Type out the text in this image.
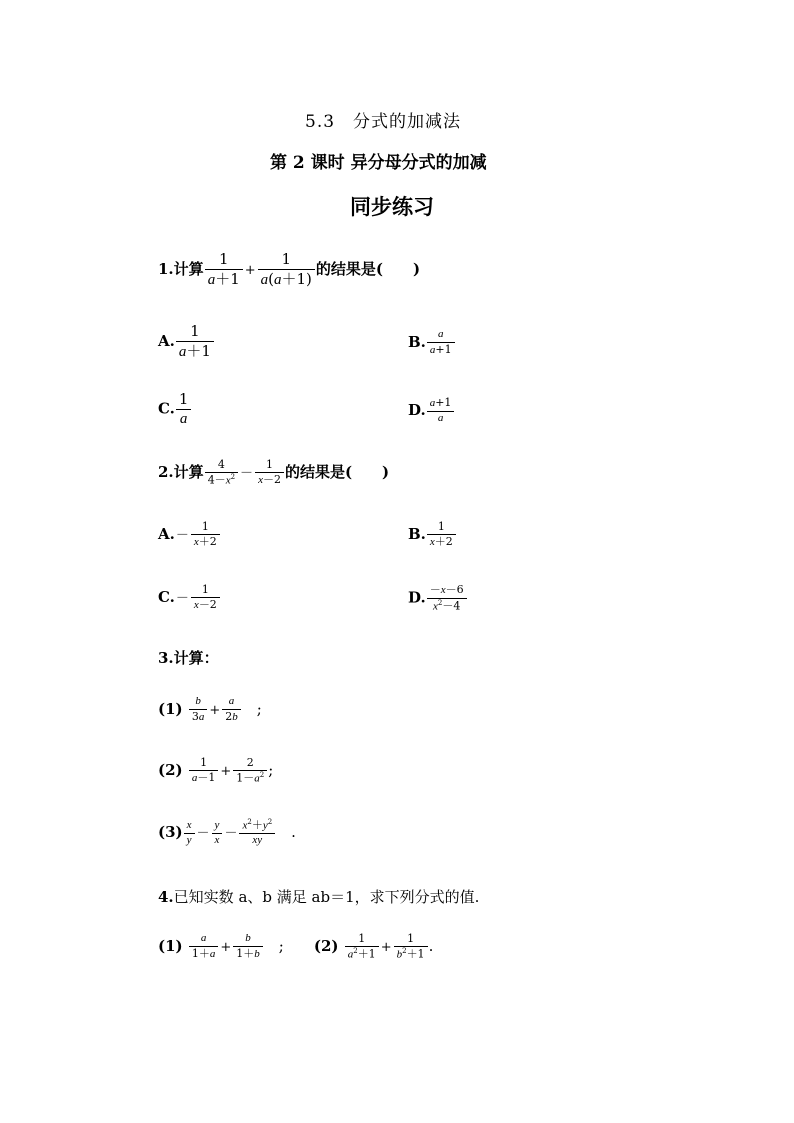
5.3　分式的加减法
第 2 课时 异分母分式的加减
同步练习
1.计算 $\frac{1}{a+1} + \frac{1}{a(a+1)}$ 的结果是(　　)
A. $\frac{1}{a+1}$	B. $\frac{a}{a+1}$
C. $\frac{1}{a}$	D. $\frac{a+1}{a}$
2.计算 $\frac{4}{4-x^2} - \frac{1}{x-2}$ 的结果是(　　)
$A.- \frac{1}{x+2}$	B. $\frac{1}{x+2}$
$C.- \frac{1}{x-2}$	D. $\frac{-x-6}{x^2-4}$
3.计算：
$(1) \frac{b}{3a} + \frac{a}{2b}$ 　;
$(2) \frac{1}{a-1} + \frac{2}{1-a^2}$ ;
$(3) \frac{x}{y} - \frac{y}{x} - \frac{x^2+y^2}{xy}$ 　.
4.已知实数 a、b 满足 ab＝1，求下列分式的值.
$(1) \frac{a}{1+a} + \frac{b}{1+b}$ 　;　　$(2) \frac{1}{a^2+1} + \frac{1}{b^2+1}$ .
